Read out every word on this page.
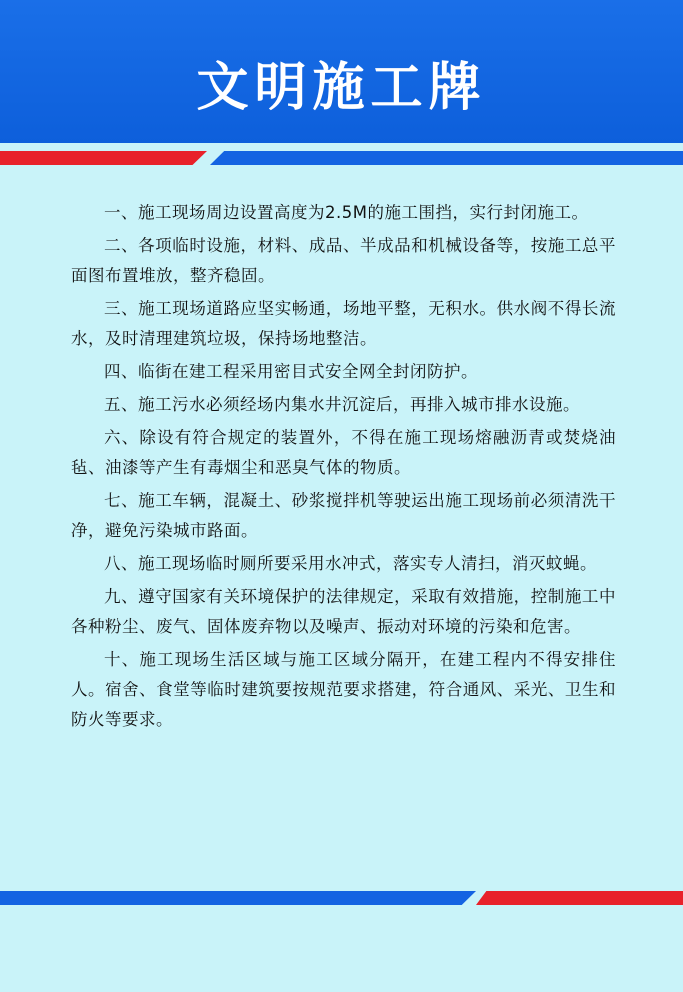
文明施工牌

一、施工现场周边设置高度为2.5M的施工围挡，实行封闭施工。

二、各项临时设施，材料、成品、半成品和机械设备等，按施工总平面图布置堆放，整齐稳固。

三、施工现场道路应坚实畅通，场地平整，无积水。供水阀不得长流水，及时清理建筑垃圾，保持场地整洁。

四、临街在建工程采用密目式安全网全封闭防护。

五、施工污水必须经场内集水井沉淀后，再排入城市排水设施。

六、除设有符合规定的装置外，不得在施工现场熔融沥青或焚烧油毡、油漆等产生有毒烟尘和恶臭气体的物质。

七、施工车辆，混凝土、砂浆搅拌机等驶运出施工现场前必须清洗干净，避免污染城市路面。

八、施工现场临时厕所要采用水冲式，落实专人清扫，消灭蚊蝇。

九、遵守国家有关环境保护的法律规定，采取有效措施，控制施工中各种粉尘、废气、固体废弃物以及噪声、振动对环境的污染和危害。

十、施工现场生活区域与施工区域分隔开，在建工程内不得安排住人。宿舍、食堂等临时建筑要按规范要求搭建，符合通风、采光、卫生和防火等要求。
